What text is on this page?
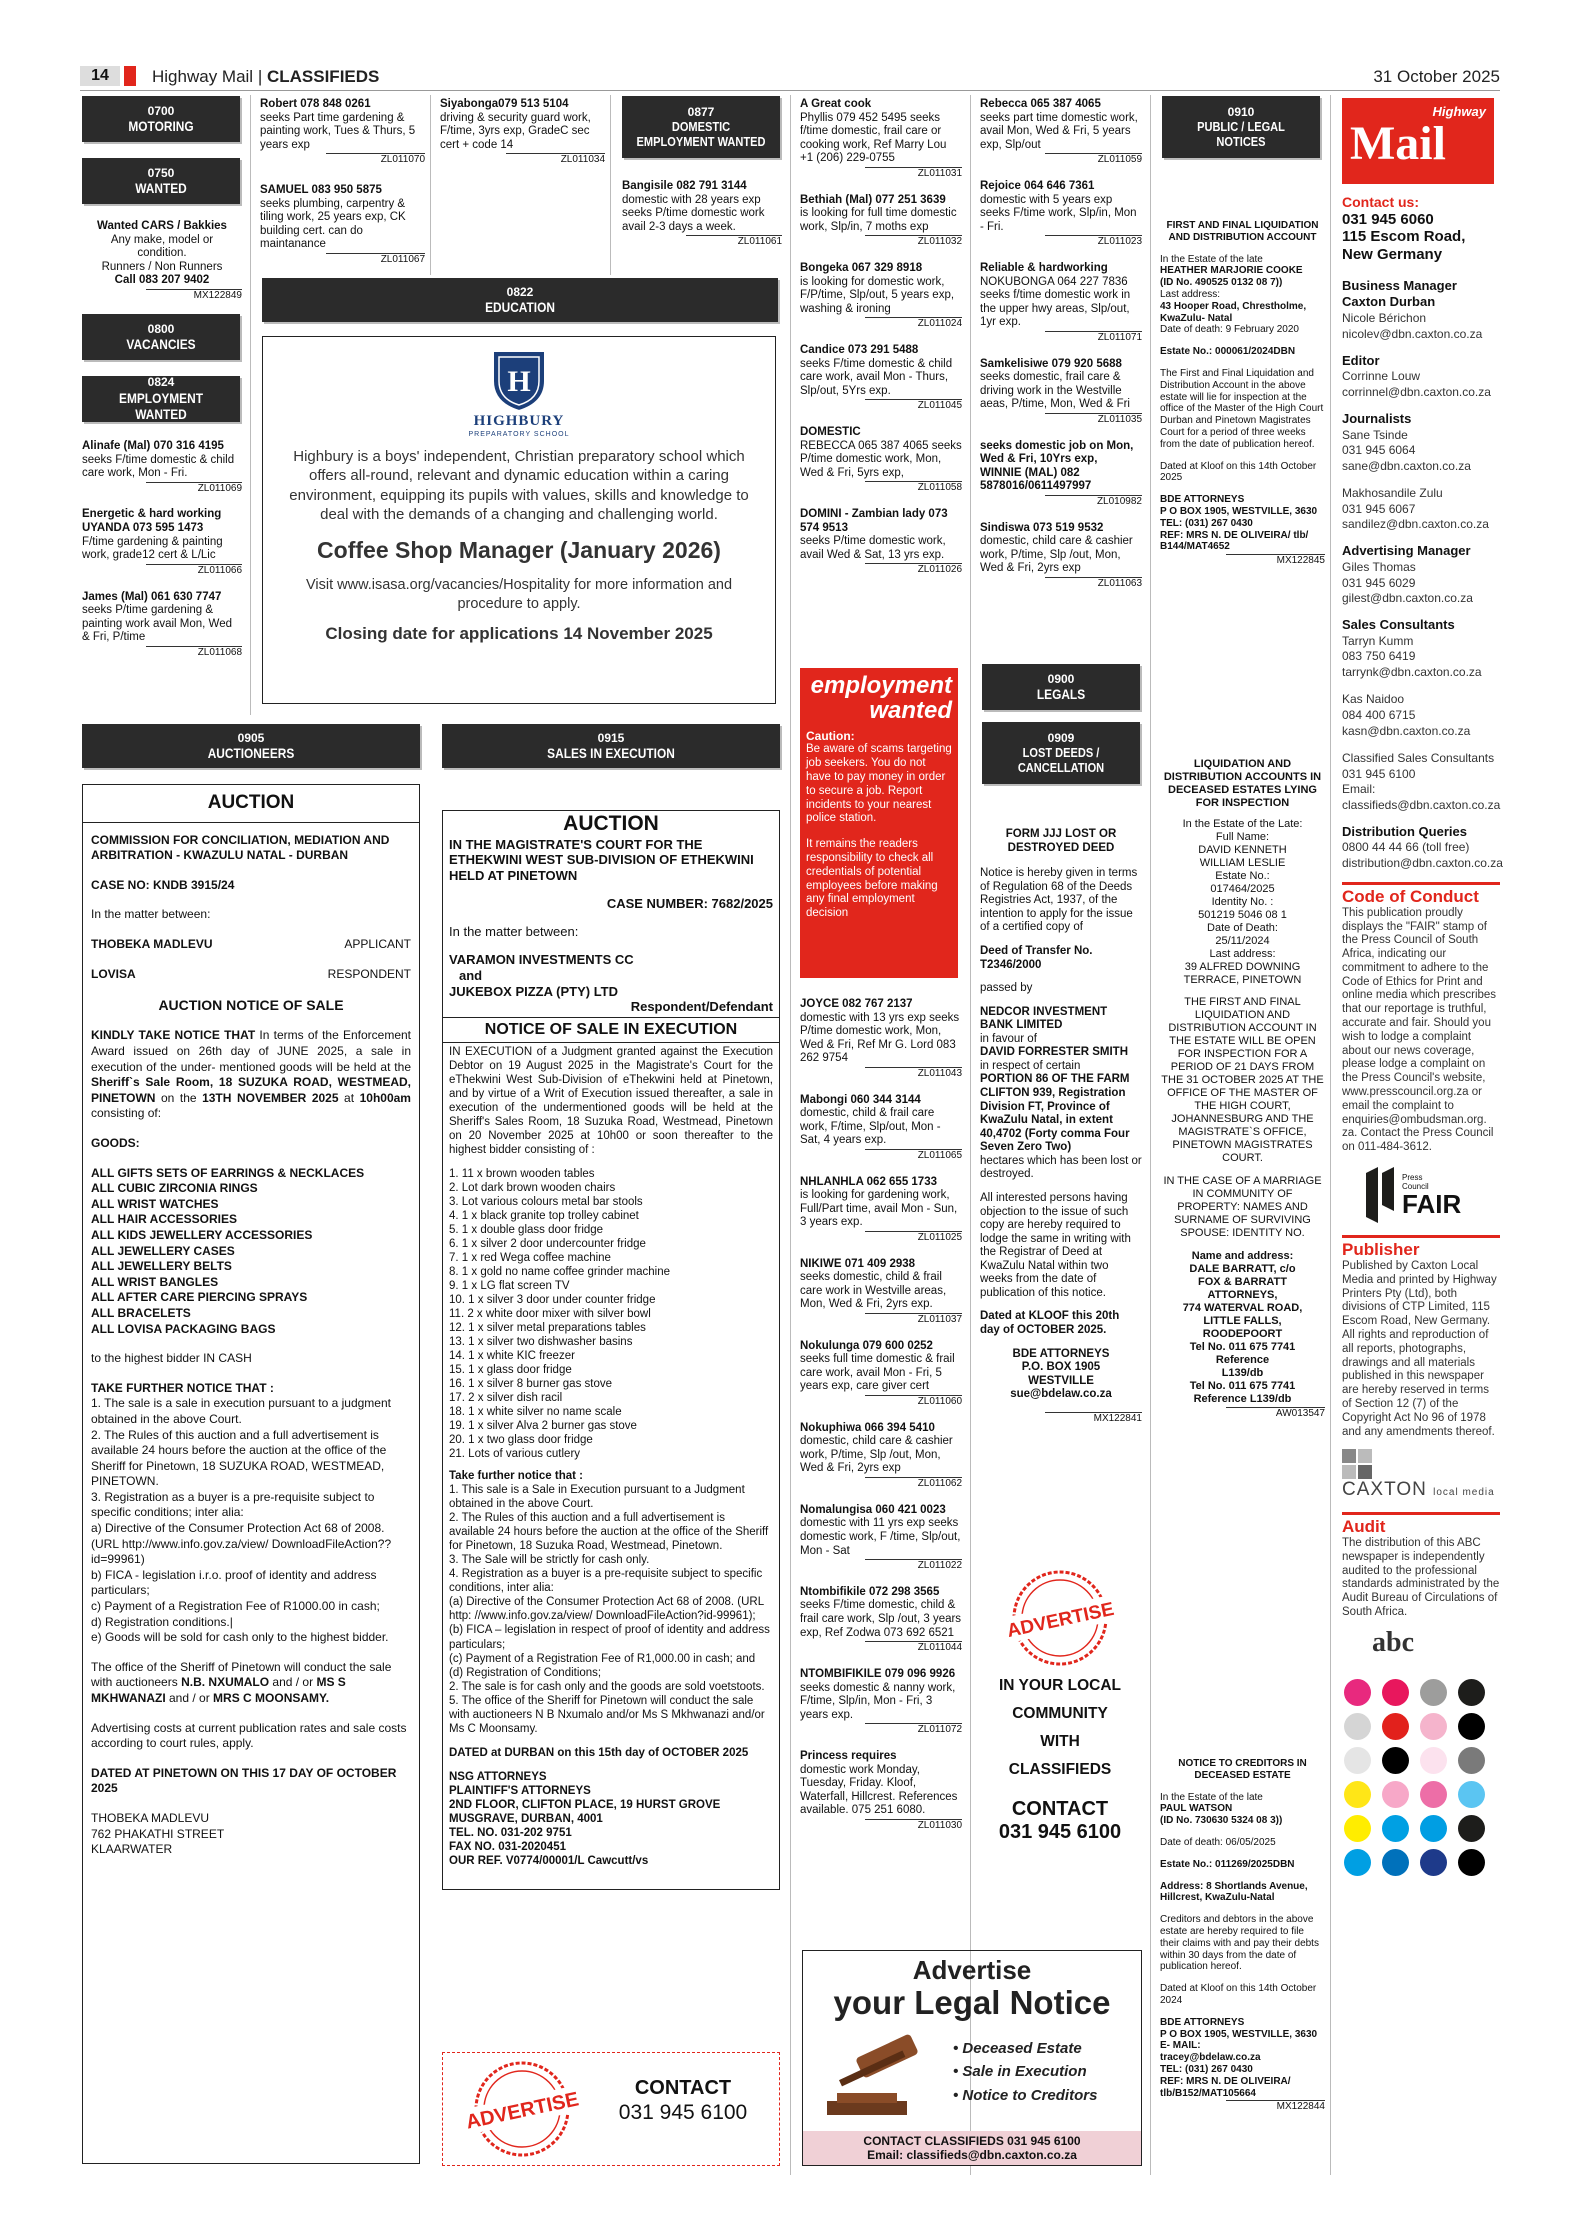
14	Highway Mail | CLASSIFIEDS	31 October 2025
0700
MOTORING
0750
WANTED

Wanted CARS / Bakkies

Any make, model or

condition.

Runners / Non Runners

Call 083 207 9402

MX122849
0800
VACANCIES
0824
EMPLOYMENT WANTED

Alinafe (Mal) 070 316 4195

seeks F/time domestic & child care work, Mon - Fri.

ZL011069

Energetic & hard working UYANDA 073 595 1473

F/time gardening & painting work, grade12 cert & L/Lic

ZL011066

James (Mal) 061 630 7747

seeks P/time gardening & painting work avail Mon, Wed & Fri, P/time

ZL011068

Robert 078 848 0261

seeks Part time gardening & painting work, Tues & Thurs, 5 years exp

ZL011070

SAMUEL 083 950 5875

seeks plumbing, carpentry & tiling work, 25 years exp, CK building cert. can do maintanance

ZL011067

Siyabonga079 513 5104

driving & security guard work, F/time, 3yrs exp, GradeC sec cert + code 14

ZL011034
0877
DOMESTIC EMPLOYMENT WANTED

Bangisile 082 791 3144

domestic with 28 years exp seeks P/time domestic work avail 2-3 days a week.

ZL011061
0822
EDUCATION
H
HIGHBURY
PREPARATORY SCHOOL

Highbury is a boys' independent, Christian preparatory school which offers all-round, relevant and dynamic education within a caring environment, equipping its pupils with values, skills and knowledge to deal with the demands of a changing and challenging world.

Coffee Shop Manager (January 2026)

Visit www.isasa.org/vacancies/Hospitality for more information and procedure to apply.

Closing date for applications 14 November 2025

A Great cook

Phyllis 079 452 5495 seeks f/time domestic, frail care or cooking work, Ref Marry Lou +1 (206) 229-0755

ZL011031

Bethiah (Mal) 077 251 3639

is looking for full time domestic work, Slp/in, 7 moths exp

ZL011032

Bongeka 067 329 8918

is looking for domestic work, F/P/time, Slp/out, 5 years exp, washing & ironing

ZL011024

Candice 073 291 5488

seeks F/time domestic & child care work, avail Mon - Thurs, Slp/out, 5Yrs exp.

ZL011045

DOMESTIC

REBECCA 065 387 4065 seeks P/time domestic work, Mon, Wed & Fri, 5yrs exp,

ZL011058

DOMINI - Zambian lady 073 574 9513

seeks P/time domestic work, avail Wed & Sat, 13 yrs exp.

ZL011026
employment
wanted

Caution:

Be aware of scams targeting job seekers. You do not have to pay money in order to secure a job. Report incidents to your nearest police station.

It remains the readers responsibility to check all credentials of potential employees before making any final employment decision

JOYCE 082 767 2137

domestic with 13 yrs exp seeks P/time domestic work, Mon, Wed & Fri, Ref Mr G. Lord 083 262 9754

ZL011043

Mabongi 060 344 3144

domestic, child & frail care work, F/time, Slp/out, Mon - Sat, 4 years exp.

ZL011065

NHLANHLA 062 655 1733

is looking for gardening work, Full/Part time, avail Mon - Sun, 3 years exp.

ZL011025

NIKIWE 071 409 2938

seeks domestic, child & frail care work in Westville areas, Mon, Wed & Fri, 2yrs exp.

ZL011037

Nokulunga 079 600 0252

seeks full time domestic & frail care work, avail Mon - Fri, 5 years exp, care giver cert

ZL011060

Nokuphiwa 066 394 5410

domestic, child care & cashier work, P/time, Slp /out, Mon, Wed & Fri, 2yrs exp

ZL011062

Nomalungisa 060 421 0023

domestic with 11 yrs exp seeks domestic work, F /time, Slp/out, Mon - Sat

ZL011022

Ntombifikile 072 298 3565

seeks F/time domestic, child & frail care work, Slp /out, 3 years exp, Ref Zodwa 073 692 6521

ZL011044

NTOMBIFIKILE 079 096 9926

seeks domestic & nanny work, F/time, Slp/in, Mon - Fri, 3 years exp.

ZL011072

Princess requires

domestic work Monday, Tuesday, Friday. Kloof, Waterfall, Hillcrest. References available. 075 251 6080.

ZL011030

Rebecca 065 387 4065

seeks part time domestic work, avail Mon, Wed & Fri, 5 years exp, Slp/out

ZL011059

Rejoice 064 646 7361

domestic with 5 years exp seeks F/time work, Slp/in, Mon - Fri.

ZL011023

Reliable & hardworking

NOKUBONGA 064 227 7836 seeks f/time domestic work in the upper hwy areas, Slp/out, 1yr exp.

ZL011071

Samkelisiwe 079 920 5688

seeks domestic, frail care & driving work in the Westville aeas, P/time, Mon, Wed & Fri

ZL011035

seeks domestic job on Mon, Wed & Fri, 10Yrs exp, WINNIE (MAL) 082 5878016/0611497997

ZL010982

Sindiswa 073 519 9532

domestic, child care & cashier work, P/time, Slp /out, Mon, Wed & Fri, 2yrs exp

ZL011063
0900
LEGALS
0909
LOST DEEDS / CANCELLATION

FORM JJJ LOST OR DESTROYED DEED

Notice is hereby given in terms of Regulation 68 of the Deeds Registries Act, 1937, of the intention to apply for the issue of a certified copy of

Deed of Transfer No. T2346/2000

passed by

NEDCOR INVESTMENT BANK LIMITED

in favour of

DAVID FORRESTER SMITH

in respect of certain

PORTION 86 OF THE FARM CLIFTON 939, Registration Division FT, Province of KwaZulu Natal, in extent 40,4702 (Forty comma Four Seven Zero Two)

hectares which has been lost or destroyed.

All interested persons having objection to the issue of such copy are hereby required to lodge the same in writing with the Registrar of Deed at KwaZulu Natal within two weeks from the date of publication of this notice.

Dated at KLOOF this 20th day of OCTOBER 2025.

BDE ATTORNEYS

P.O. BOX 1905

WESTVILLE

sue@bdelaw.co.za

MX122841
ADVERTISE

IN YOUR LOCAL

COMMUNITY

WITH

CLASSIFIEDS

CONTACT

031 945 6100

0910
PUBLIC / LEGAL NOTICES

FIRST AND FINAL LIQUIDATION AND DISTRIBUTION ACCOUNT

In the Estate of the late

HEATHER MARJORIE COOKE

(ID No. 490525 0132 08 7))

Last address:

43 Hooper Road, Chrestholme, KwaZulu- Natal

Date of death: 9 February 2020

Estate No.: 000061/2024DBN

The First and Final Liquidation and Distribution Account in the above estate will lie for inspection at the office of the Master of the High Court Durban and Pinetown Magistrates Court for a period of three weeks from the date of publication hereof.

Dated at Kloof on this 14th October 2025

BDE ATTORNEYS

P O BOX 1905, WESTVILLE, 3630

TEL: (031) 267 0430

REF: MRS N. DE OLIVEIRA/ tlb/ B144/MAT4652

MX122845

LIQUIDATION AND DISTRIBUTION ACCOUNTS IN DECEASED ESTATES LYING FOR INSPECTION

In the Estate of the Late:

Full Name:

DAVID KENNETH

WILLIAM LESLIE

Estate No.:

017464/2025

Identity No. :

501219 5046 08 1

Date of Death:

25/11/2024

Last address:

39 ALFRED DOWNING

TERRACE, PINETOWN

THE FIRST AND FINAL LIQUIDATION AND DISTRIBUTION ACCOUNT IN THE ESTATE WILL BE OPEN FOR INSPECTION FOR A PERIOD OF 21 DAYS FROM THE 31 OCTOBER 2025 AT THE OFFICE OF THE MASTER OF THE HIGH COURT, JOHANNESBURG AND THE MAGISTRATE`S OFFICE, PINETOWN MAGISTRATES COURT.

IN THE CASE OF A MARRIAGE IN COMMUNITY OF PROPERTY: NAMES AND SURNAME OF SURVIVING SPOUSE: IDENTITY NO.

Name and address:

DALE BARRATT, c/o

FOX & BARRATT

ATTORNEYS,

774 WATERVAL ROAD,

LITTLE FALLS,

ROODEPOORT

Tel No. 011 675 7741

Reference

L139/db

Tel No. 011 675 7741

Reference L139/db

AW013547

NOTICE TO CREDITORS IN DECEASED ESTATE

In the Estate of the late

PAUL WATSON

(ID No. 730630 5324 08 3))

Date of death: 06/05/2025

Estate No.: 011269/2025DBN

Address: 8 Shortlands Avenue, Hillcrest, KwaZulu-Natal

Creditors and debtors in the above estate are hereby required to file their claims with and pay their debts within 30 days from the date of publication hereof.

Dated at Kloof on this 14th October 2024

BDE ATTORNEYS

P O BOX 1905, WESTVILLE, 3630

E- MAIL:

tracey@bdelaw.co.za

TEL: (031) 267 0430

REF: MRS N. DE OLIVEIRA/ tlb/B152/MAT105664

MX122844
0905
AUCTIONEERS

AUCTION

COMMISSION FOR CONCILIATION, MEDIATION AND ARBITRATION - KWAZULU NATAL - DURBAN

CASE NO: KNDB 3915/24

In the matter between:

THOBEKA MADLEVU	APPLICANT
LOVISA	RESPONDENT

AUCTION NOTICE OF SALE

KINDLY TAKE NOTICE THAT In terms of the Enforcement Award issued on 26th day of JUNE 2025, a sale in execution of the under- mentioned goods will be held at the Sheriff`s Sale Room, 18 SUZUKA ROAD, WESTMEAD, PINETOWN on the 13TH NOVEMBER 2025 at 10h00am consisting of:

GOODS:

ALL GIFTS SETS OF EARRINGS & NECKLACES

ALL CUBIC ZIRCONIA RINGS

ALL WRIST WATCHES

ALL HAIR ACCESSORIES

ALL KIDS JEWELLERY ACCESSORIES

ALL JEWELLERY CASES

ALL JEWELLERY BELTS

ALL WRIST BANGLES

ALL AFTER CARE PIERCING SPRAYS

ALL BRACELETS

ALL LOVISA PACKAGING BAGS

to the highest bidder IN CASH

TAKE FURTHER NOTICE THAT :

1. The sale is a sale in execution pursuant to a judgment obtained in the above Court.

2. The Rules of this auction and a full advertisement is available 24 hours before the auction at the office of the Sheriff for Pinetown, 18 SUZUKA ROAD, WESTMEAD, PINETOWN.

3. Registration as a buyer is a pre-requisite subject to specific conditions; inter alia:

a) Directive of the Consumer Protection Act 68 of 2008.

(URL http://www.info.gov.za/view/ DownloadFileAction?? id=99961)

b) FICA - legislation i.r.o. proof of identity and address particulars;

c) Payment of a Registration Fee of R1000.00 in cash;

d) Registration conditions.|

e) Goods will be sold for cash only to the highest bidder.

The office of the Sheriff of Pinetown will conduct the sale with auctioneers N.B. NXUMALO and / or MS S MKHWANAZI and / or MRS C MOONSAMY.

Advertising costs at current publication rates and sale costs according to court rules, apply.

DATED AT PINETOWN ON THIS 17 DAY OF OCTOBER 2025

THOBEKA MADLEVU

762 PHAKATHI STREET

KLAARWATER

0915
SALES IN EXECUTION

AUCTION

IN THE MAGISTRATE'S COURT FOR THE ETHEKWINI WEST SUB-DIVISION OF ETHEKWINI HELD AT PINETOWN

CASE NUMBER: 7682/2025

In the matter between:

VARAMON INVESTMENTS CC

and

JUKEBOX PIZZA (PTY) LTD

Respondent/Defendant

NOTICE OF SALE IN EXECUTION

IN EXECUTION of a Judgment granted against the Execution Debtor on 19 August 2025 in the Magistrate's Court for the eThekwini West Sub-Division of eThekwini held at Pinetown, and by virtue of a Writ of Execution issued thereafter, a sale in execution of the undermentioned goods will be held at the Sheriff's Sales Room, 18 Suzuka Road, Westmead, Pinetown on 20 November 2025 at 10h00 or soon thereafter to the highest bidder consisting of :

1. 11 x brown wooden tables

2. Lot dark brown wooden chairs

3. Lot various colours metal bar stools

4. 1 x black granite top trolley cabinet

5. 1 x double glass door fridge

6. 1 x silver 2 door undercounter fridge

7. 1 x red Wega coffee machine

8. 1 x gold no name coffee grinder machine

9. 1 x LG flat screen TV

10. 1 x silver 3 door under counter fridge

11. 2 x white door mixer with silver bowl

12. 1 x silver metal preparations tables

13. 1 x silver two dishwasher basins

14. 1 x white KIC freezer

15. 1 x glass door fridge

16. 1 x silver 8 burner gas stove

17. 2 x silver dish racil

18. 1 x white silver no name scale

19. 1 x silver Alva 2 burner gas stove

20. 1 x two glass door fridge

21. Lots of various cutlery

Take further notice that :

1. This sale is a Sale in Execution pursuant to a Judgment obtained in the above Court.

2. The Rules of this auction and a full advertisement is available 24 hours before the auction at the office of the Sheriff for Pinetown, 18 Suzuka Road, Westmead, Pinetown.

3. The Sale will be strictly for cash only.

4. Registration as a buyer is a pre-requisite subject to specific conditions, inter alia:

(a) Directive of the Consumer Protection Act 68 of 2008. (URL http: //www.info.gov.za/view/ DownloadFileAction?id-99961);

(b) FICA – legislation in respect of proof of identity and address particulars;

(c) Payment of a Registration Fee of R1,000.00 in cash; and

(d) Registration of Conditions;

2. The sale is for cash only and the goods are sold voetstoots.

5. The office of the Sheriff for Pinetown will conduct the sale with auctioneers N B Nxumalo and/or Ms S Mkhwanazi and/or Ms C Moonsamy.

DATED at DURBAN on this 15th day of OCTOBER 2025

NSG ATTORNEYS

PLAINTIFF'S ATTORNEYS

2ND FLOOR, CLIFTON PLACE, 19 HURST GROVE

MUSGRAVE, DURBAN, 4001

TEL. NO. 031-202 9751

FAX NO. 031-2020451

OUR REF. V0774/00001/L Cawcutt/vs

ADVERTISE

CONTACT

031 945 6100

Advertise

your Legal Notice

• Deceased Estate

• Sale in Execution

• Notice to Creditors

CONTACT CLASSIFIEDS 031 945 6100

Email: classifieds@dbn.caxton.co.za

Highway
Mail

Contact us:

031 945 6060

115 Escom Road,

New Germany

Business Manager

Caxton Durban

Nicole Bérichon

nicolev@dbn.caxton.co.za

Editor

Corrinne Louw

corrinnel@dbn.caxton.co.za

Journalists

Sane Tsinde

031 945 6064

sane@dbn.caxton.co.za

Makhosandile Zulu

031 945 6067

sandilez@dbn.caxton.co.za

Advertising Manager

Giles Thomas

031 945 6029

gilest@dbn.caxton.co.za

Sales Consultants

Tarryn Kumm

083 750 6419

tarrynk@dbn.caxton.co.za

Kas Naidoo

084 400 6715

kasn@dbn.caxton.co.za

Classified Sales Consultants

031 945 6100

Email:

classifieds@dbn.caxton.co.za

Distribution Queries

0800 44 44 66 (toll free)

distribution@dbn.caxton.co.za

Code of Conduct

This publication proudly displays the "FAIR" stamp of the Press Council of South Africa, indicating our commitment to adhere to the Code of Ethics for Print and online media which prescribes that our reportage is truthful, accurate and fair. Should you wish to lodge a complaint about our news coverage, please lodge a complaint on the Press Council's website, www.presscouncil.org.za or email the complaint to enquiries@ombudsman.org. za. Contact the Press Council on 011-484-3612.

Press

Council

FAIR

Publisher

Published by Caxton Local Media and printed by Highway Printers Pty (Ltd), both divisions of CTP Limited, 115 Escom Road, New Germany. All rights and reproduction of all reports, photographs, drawings and all materials published in this newspaper are hereby reserved in terms of Section 12 (7) of the Copyright Act No 96 of 1978 and any amendments thereof.

CAXTON local media

Audit

The distribution of this ABC newspaper is independently audited to the professional standards administrated by the Audit Bureau of Circulations of South Africa.

abc
